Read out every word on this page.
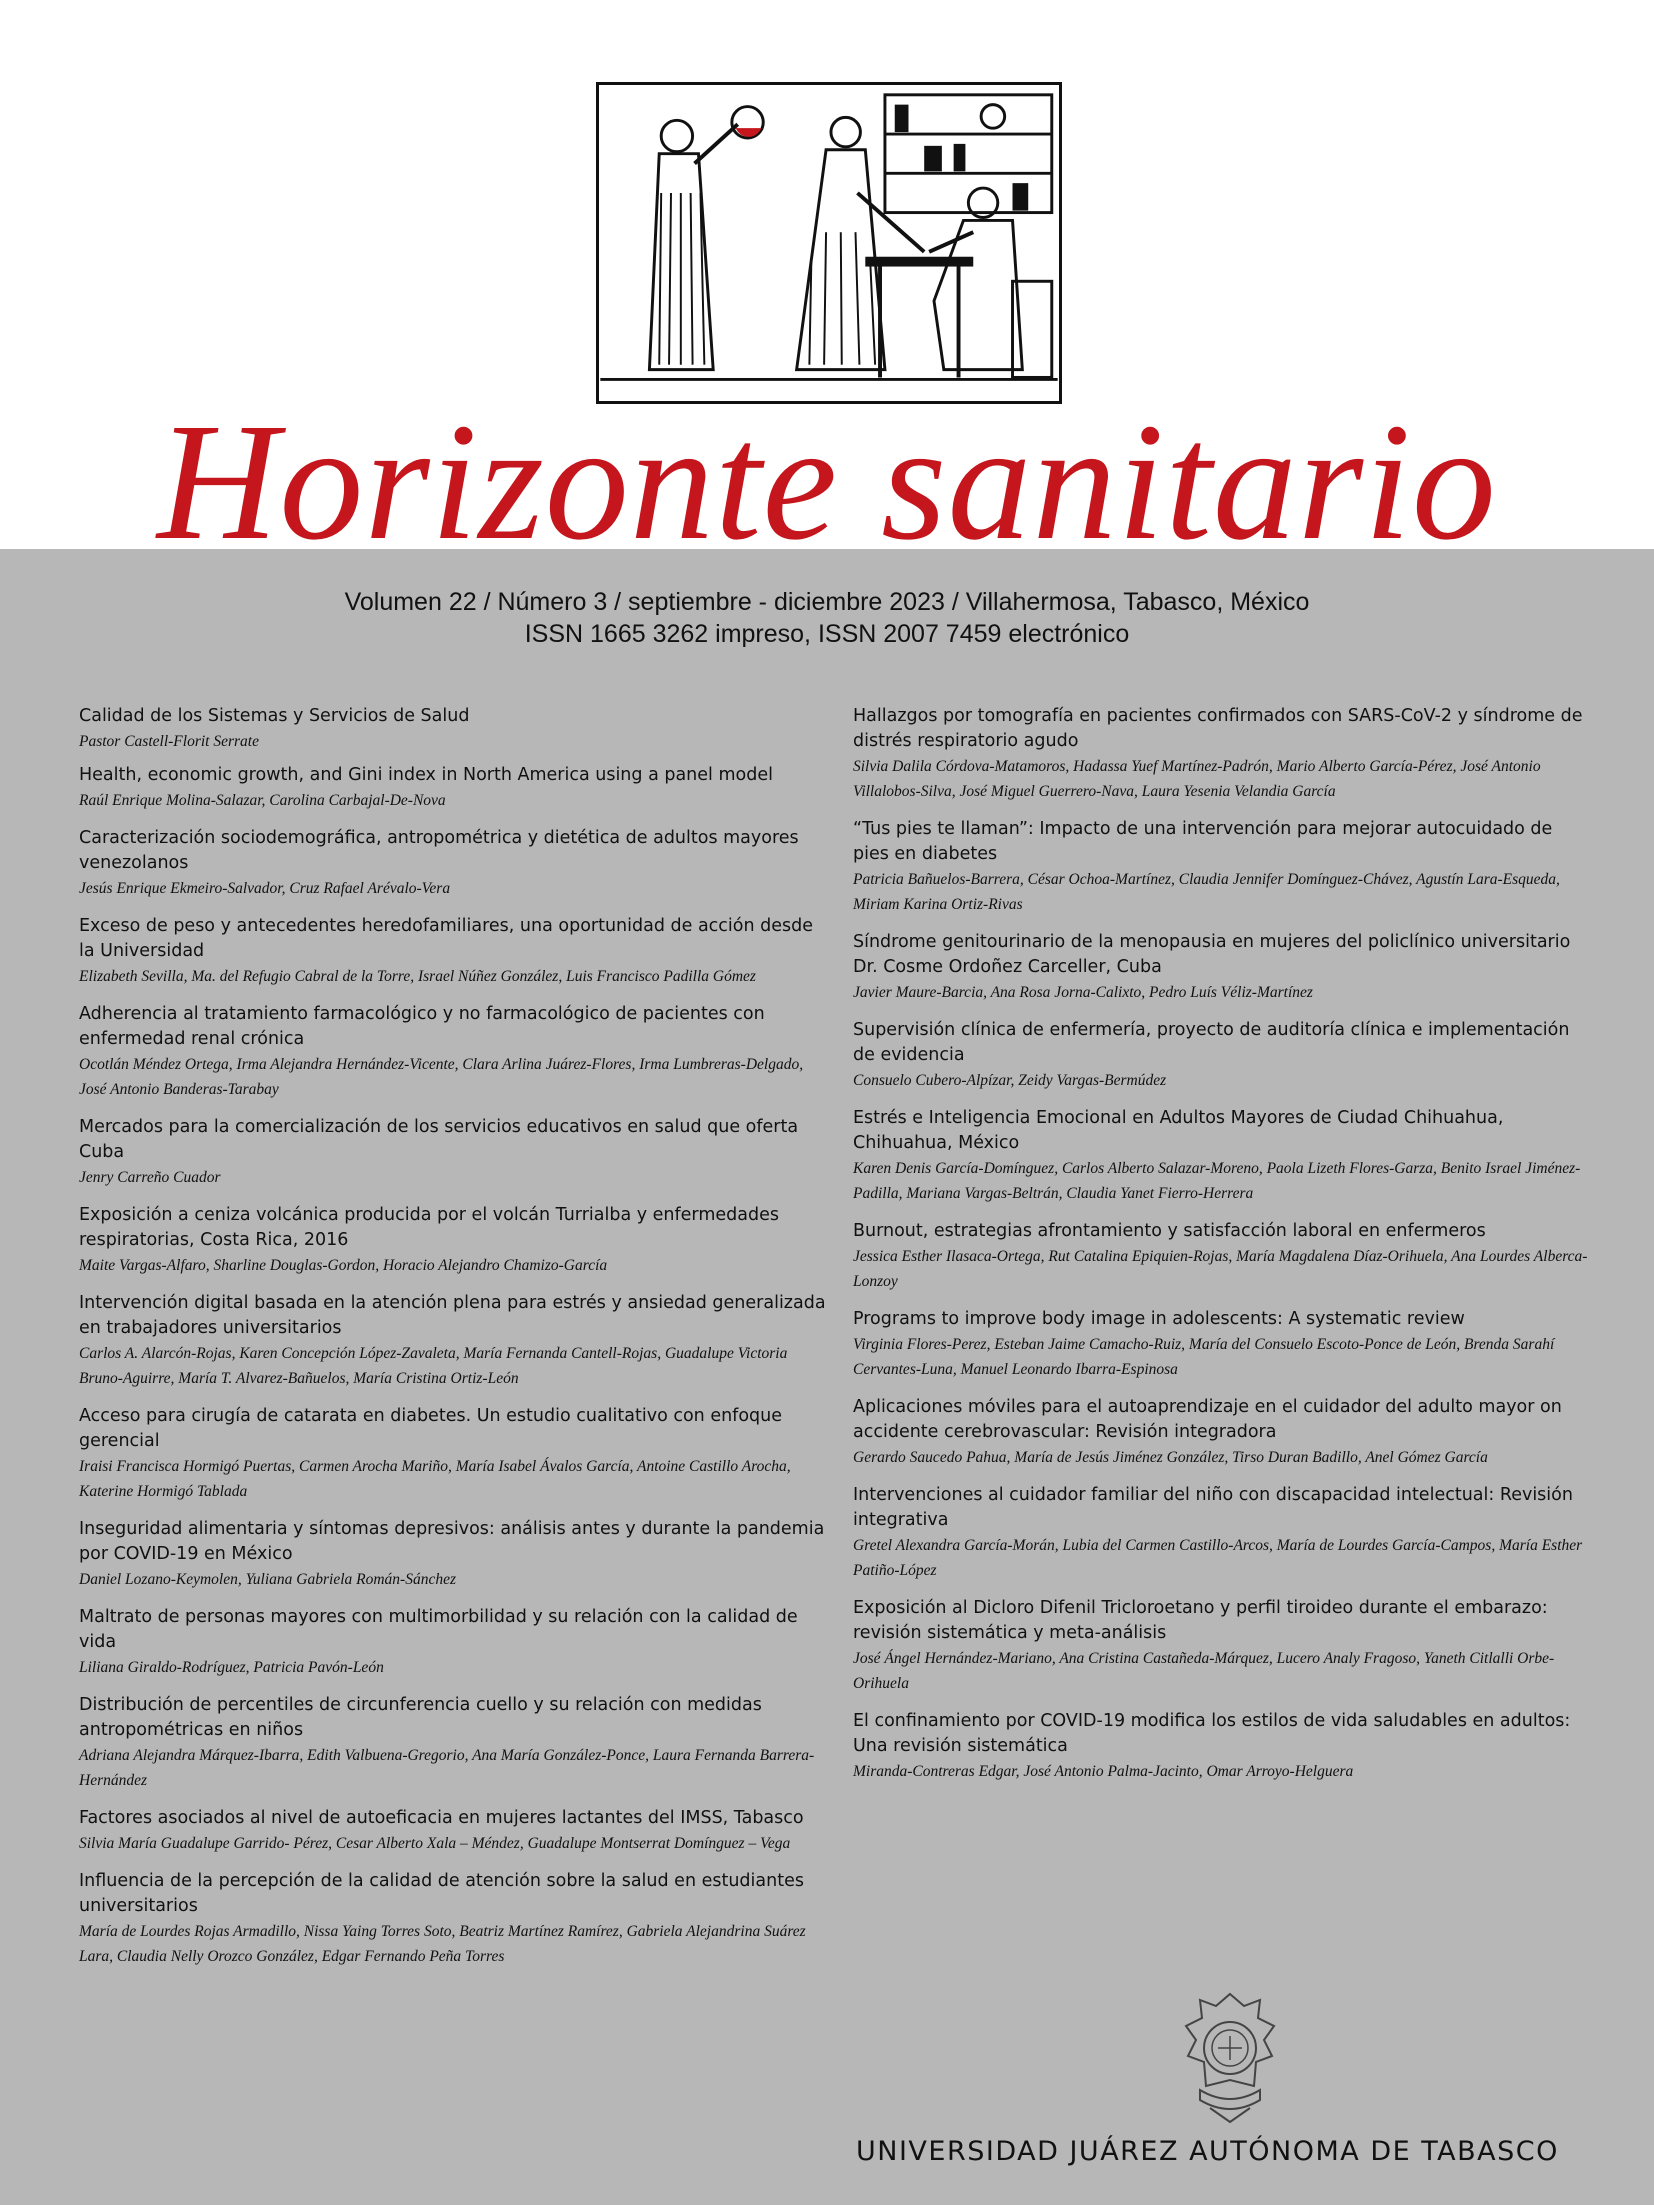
Horizonte sanitario
Volumen 22 / Número 3 / septiembre - diciembre 2023 / Villahermosa, Tabasco, México
ISSN 1665 3262 impreso, ISSN 2007 7459 electrónico
Calidad de los Sistemas y Servicios de Salud
Pastor Castell-Florit Serrate
Health, economic growth, and Gini index in North America using a panel model
Raúl Enrique Molina-Salazar, Carolina Carbajal-De-Nova
Caracterización sociodemográfica, antropométrica y dietética de adultos mayores venezolanos
Jesús Enrique Ekmeiro-Salvador, Cruz Rafael Arévalo-Vera
Exceso de peso y antecedentes heredofamiliares, una oportunidad de acción desde la Universidad
Elizabeth Sevilla, Ma. del Refugio Cabral de la Torre, Israel Núñez González, Luis Francisco Padilla Gómez
Adherencia al tratamiento farmacológico y no farmacológico de pacientes con enfermedad renal crónica
Ocotlán Méndez Ortega, Irma Alejandra Hernández-Vicente, Clara Arlina Juárez-Flores, Irma Lumbreras-Delgado, José Antonio Banderas-Tarabay
Mercados para la comercialización de los servicios educativos en salud que oferta Cuba
Jenry Carreño Cuador
Exposición a ceniza volcánica producida por el volcán Turrialba y enfermedades respiratorias, Costa Rica, 2016
Maite Vargas-Alfaro, Sharline Douglas-Gordon, Horacio Alejandro Chamizo-García
Intervención digital basada en la atención plena para estrés y ansiedad generalizada en trabajadores universitarios
Carlos A. Alarcón-Rojas, Karen Concepción López-Zavaleta, María Fernanda Cantell-Rojas, Guadalupe Victoria Bruno-Aguirre, María T. Alvarez-Bañuelos, María Cristina Ortiz-León
Acceso para cirugía de catarata en diabetes. Un estudio cualitativo con enfoque gerencial
Iraisi Francisca Hormigó Puertas, Carmen Arocha Mariño, María Isabel Ávalos García, Antoine Castillo Arocha, Katerine Hormigó Tablada
Inseguridad alimentaria y síntomas depresivos: análisis antes y durante la pandemia por COVID-19 en México
Daniel Lozano-Keymolen, Yuliana Gabriela Román-Sánchez
Maltrato de personas mayores con multimorbilidad y su relación con la calidad de vida
Liliana Giraldo-Rodríguez, Patricia Pavón-León
Distribución de percentiles de circunferencia cuello y su relación con medidas antropométricas en niños
Adriana Alejandra Márquez-Ibarra, Edith Valbuena-Gregorio, Ana María González-Ponce, Laura Fernanda Barrera-Hernández
Factores asociados al nivel de autoeficacia en mujeres lactantes del IMSS, Tabasco
Silvia María Guadalupe Garrido- Pérez, Cesar Alberto Xala – Méndez, Guadalupe Montserrat Domínguez – Vega
Influencia de la percepción de la calidad de atención sobre la salud en estudiantes universitarios
María de Lourdes Rojas Armadillo, Nissa Yaing Torres Soto, Beatriz Martínez Ramírez, Gabriela Alejandrina Suárez Lara, Claudia Nelly Orozco González, Edgar Fernando Peña Torres
Hallazgos por tomografía en pacientes confirmados con SARS-CoV-2 y síndrome de distrés respiratorio agudo
Silvia Dalila Córdova-Matamoros, Hadassa Yuef Martínez-Padrón, Mario Alberto García-Pérez, José Antonio Villalobos-Silva, José Miguel Guerrero-Nava, Laura Yesenia Velandia García
“Tus pies te llaman”: Impacto de una intervención para mejorar autocuidado de pies en diabetes
Patricia Bañuelos-Barrera, César Ochoa-Martínez, Claudia Jennifer Domínguez-Chávez, Agustín Lara-Esqueda, Miriam Karina Ortiz-Rivas
Síndrome genitourinario de la menopausia en mujeres del policlínico universitario Dr. Cosme Ordoñez Carceller, Cuba
Javier Maure-Barcia, Ana Rosa Jorna-Calixto, Pedro Luís Véliz-Martínez
Supervisión clínica de enfermería, proyecto de auditoría clínica e implementación de evidencia
Consuelo Cubero-Alpízar, Zeidy Vargas-Bermúdez
Estrés e Inteligencia Emocional en Adultos Mayores de Ciudad Chihuahua, Chihuahua, México
Karen Denis García-Domínguez, Carlos Alberto Salazar-Moreno, Paola Lizeth Flores-Garza, Benito Israel Jiménez-Padilla, Mariana Vargas-Beltrán, Claudia Yanet Fierro-Herrera
Burnout, estrategias afrontamiento y satisfacción laboral en enfermeros
Jessica Esther Ilasaca-Ortega, Rut Catalina Epiquien-Rojas, María Magdalena Díaz-Orihuela, Ana Lourdes Alberca-Lonzoy
Programs to improve body image in adolescents: A systematic review
Virginia Flores-Perez, Esteban Jaime Camacho-Ruiz, María del Consuelo Escoto-Ponce de León, Brenda Sarahí Cervantes-Luna, Manuel Leonardo Ibarra-Espinosa
Aplicaciones móviles para el autoaprendizaje en el cuidador del adulto mayor on accidente cerebrovascular: Revisión integradora
Gerardo Saucedo Pahua, María de Jesús Jiménez González, Tirso Duran Badillo, Anel Gómez García
Intervenciones al cuidador familiar del niño con discapacidad intelectual: Revisión integrativa
Gretel Alexandra García-Morán, Lubia del Carmen Castillo-Arcos, María de Lourdes García-Campos, María Esther Patiño-López
Exposición al Dicloro Difenil Tricloroetano y perfil tiroideo durante el embarazo: revisión sistemática y meta-análisis
José Ángel Hernández-Mariano, Ana Cristina Castañeda-Márquez, Lucero Analy Fragoso, Yaneth Citlalli Orbe-Orihuela
El confinamiento por COVID-19 modifica los estilos de vida saludables en adultos: Una revisión sistemática
Miranda-Contreras Edgar, José Antonio Palma-Jacinto, Omar Arroyo-Helguera
UNIVERSIDAD JUÁREZ AUTÓNOMA DE TABASCO
